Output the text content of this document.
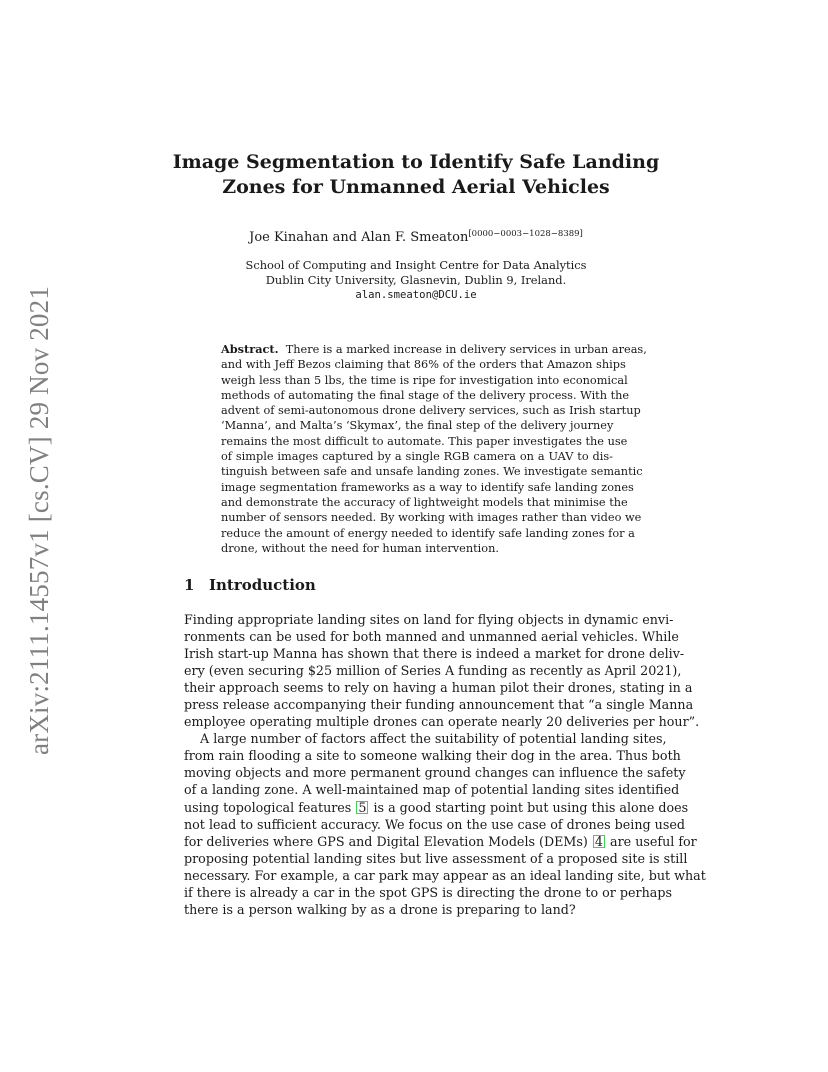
arXiv:2111.14557v1 [cs.CV] 29 Nov 2021
Image Segmentation to Identify Safe Landing
Zones for Unmanned Aerial Vehicles
Joe Kinahan and Alan F. Smeaton[0000−0003−1028−8389]
School of Computing and Insight Centre for Data Analytics
Dublin City University, Glasnevin, Dublin 9, Ireland.
alan.smeaton@DCU.ie
Abstract. There is a marked increase in delivery services in urban areas,
and with Jeff Bezos claiming that 86% of the orders that Amazon ships
weigh less than 5 lbs, the time is ripe for investigation into economical
methods of automating the final stage of the delivery process. With the
advent of semi-autonomous drone delivery services, such as Irish startup
‘Manna’, and Malta’s ‘Skymax’, the final step of the delivery journey
remains the most difficult to automate. This paper investigates the use
of simple images captured by a single RGB camera on a UAV to dis-
tinguish between safe and unsafe landing zones. We investigate semantic
image segmentation frameworks as a way to identify safe landing zones
and demonstrate the accuracy of lightweight models that minimise the
number of sensors needed. By working with images rather than video we
reduce the amount of energy needed to identify safe landing zones for a
drone, without the need for human intervention.
1 Introduction
Finding appropriate landing sites on land for flying objects in dynamic envi-
ronments can be used for both manned and unmanned aerial vehicles. While
Irish start-up Manna has shown that there is indeed a market for drone deliv-
ery (even securing $25 million of Series A funding as recently as April 2021),
their approach seems to rely on having a human pilot their drones, stating in a
press release accompanying their funding announcement that “a single Manna
employee operating multiple drones can operate nearly 20 deliveries per hour”.
A large number of factors affect the suitability of potential landing sites,
from rain flooding a site to someone walking their dog in the area. Thus both
moving objects and more permanent ground changes can influence the safety
of a landing zone. A well-maintained map of potential landing sites identified
using topological features 5 is a good starting point but using this alone does
not lead to sufficient accuracy. We focus on the use case of drones being used
for deliveries where GPS and Digital Elevation Models (DEMs) 4 are useful for
proposing potential landing sites but live assessment of a proposed site is still
necessary. For example, a car park may appear as an ideal landing site, but what
if there is already a car in the spot GPS is directing the drone to or perhaps
there is a person walking by as a drone is preparing to land?
